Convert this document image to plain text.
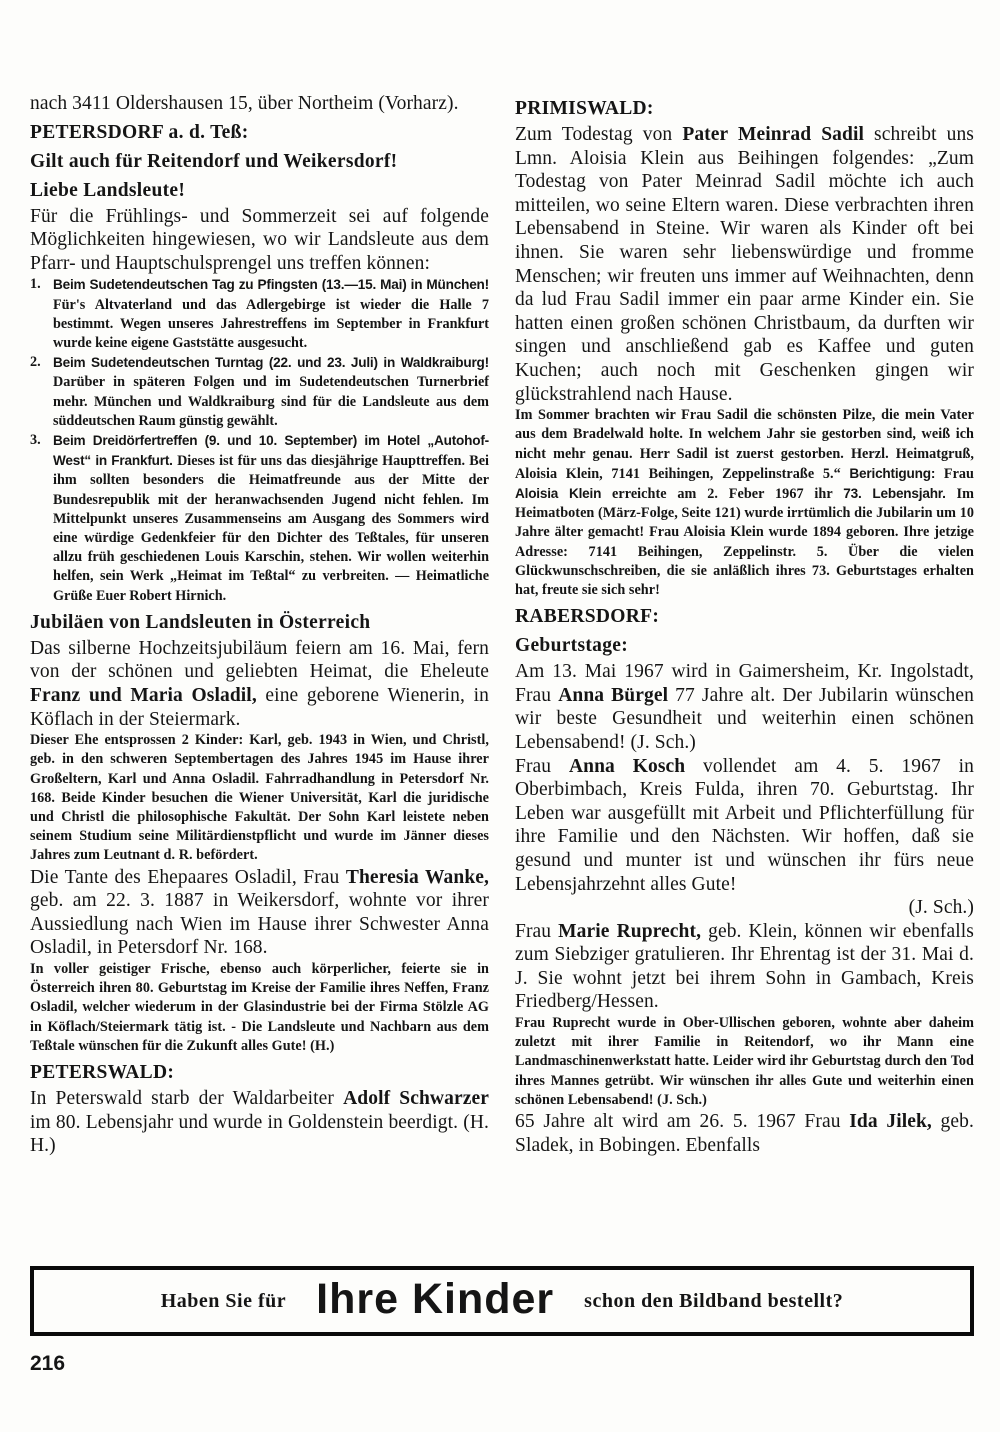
nach 3411 Oldershausen 15, über Northeim (Vorharz).

PETERSDORF a. d. Teß:

Gilt auch für Reitendorf und Weikersdorf!

Liebe Landsleute!

Für die Frühlings- und Sommerzeit sei auf folgende Möglichkeiten hingewiesen, wo wir Landsleute aus dem Pfarr- und Hauptschulsprengel uns treffen können:

1. Beim Sudetendeutschen Tag zu Pfingsten (13.—15. Mai) in München! Für's Altvaterland und das Adlergebirge ist wieder die Halle 7 bestimmt. Wegen unseres Jahrestreffens im September in Frankfurt wurde keine eigene Gaststätte ausgesucht.

2. Beim Sudetendeutschen Turntag (22. und 23. Juli) in Waldkraiburg! Darüber in späteren Folgen und im Sudetendeutschen Turnerbrief mehr. München und Waldkraiburg sind für die Landsleute aus dem süddeutschen Raum günstig gewählt.

3. Beim Dreidörfertreffen (9. und 10. September) im Hotel „Autohof-West“ in Frankfurt. Dieses ist für uns das diesjährige Haupttreffen. Bei ihm sollten besonders die Heimatfreunde aus der Mitte der Bundesrepublik mit der heranwachsenden Jugend nicht fehlen. Im Mittelpunkt unseres Zusammenseins am Ausgang des Sommers wird eine würdige Gedenkfeier für den Dichter des Teßtales, für unseren allzu früh geschiedenen Louis Karschin, stehen. Wir wollen weiterhin helfen, sein Werk „Heimat im Teßtal“ zu verbreiten. — Heimatliche Grüße Euer Robert Hirnich.

Jubiläen von Landsleuten in Österreich

Das silberne Hochzeitsjubiläum feiern am 16. Mai, fern von der schönen und geliebten Heimat, die Eheleute Franz und Maria Osladil, eine geborene Wienerin, in Köflach in der Steiermark.

Dieser Ehe entsprossen 2 Kinder: Karl, geb. 1943 in Wien, und Christl, geb. in den schweren Septembertagen des Jahres 1945 im Hause ihrer Großeltern, Karl und Anna Osladil. Fahrradhandlung in Petersdorf Nr. 168. Beide Kinder besuchen die Wiener Universität, Karl die juridische und Christl die philosophische Fakultät. Der Sohn Karl leistete neben seinem Studium seine Militärdienstpflicht und wurde im Jänner dieses Jahres zum Leutnant d. R. befördert.

Die Tante des Ehepaares Osladil, Frau Theresia Wanke, geb. am 22. 3. 1887 in Weikersdorf, wohnte vor ihrer Aussiedlung nach Wien im Hause ihrer Schwester Anna Osladil, in Petersdorf Nr. 168.

In voller geistiger Frische, ebenso auch körperlicher, feierte sie in Österreich ihren 80. Geburtstag im Kreise der Familie ihres Neffen, Franz Osladil, welcher wiederum in der Glasindustrie bei der Firma Stölzle AG in Köflach/Steiermark tätig ist. - Die Landsleute und Nachbarn aus dem Teßtale wünschen für die Zukunft alles Gute! (H.)

PETERSWALD:

In Peterswald starb der Waldarbeiter Adolf Schwarzer im 80. Lebensjahr und wurde in Goldenstein beerdigt. (H. H.)

PRIMISWALD:

Zum Todestag von Pater Meinrad Sadil schreibt uns Lmn. Aloisia Klein aus Beihingen folgendes: „Zum Todestag von Pater Meinrad Sadil möchte ich auch mitteilen, wo seine Eltern waren. Diese verbrachten ihren Lebensabend in Steine. Wir waren als Kinder oft bei ihnen. Sie waren sehr liebenswürdige und fromme Menschen; wir freuten uns immer auf Weihnachten, denn da lud Frau Sadil immer ein paar arme Kinder ein. Sie hatten einen großen schönen Christbaum, da durften wir singen und anschließend gab es Kaffee und guten Kuchen; auch noch mit Geschenken gingen wir glückstrahlend nach Hause.

Im Sommer brachten wir Frau Sadil die schönsten Pilze, die mein Vater aus dem Bradelwald holte. In welchem Jahr sie gestorben sind, weiß ich nicht mehr genau. Herr Sadil ist zuerst gestorben. Herzl. Heimatgruß, Aloisia Klein, 7141 Beihingen, Zeppelinstraße 5.“ Berichtigung: Frau Aloisia Klein erreichte am 2. Feber 1967 ihr 73. Lebensjahr. Im Heimatboten (März-Folge, Seite 121) wurde irrtümlich die Jubilarin um 10 Jahre älter gemacht! Frau Aloisia Klein wurde 1894 geboren. Ihre jetzige Adresse: 7141 Beihingen, Zeppelinstr. 5. Über die vielen Glückwunschschreiben, die sie anläßlich ihres 73. Geburtstages erhalten hat, freute sie sich sehr!

RABERSDORF:

Geburtstage:

Am 13. Mai 1967 wird in Gaimersheim, Kr. Ingolstadt, Frau Anna Bürgel 77 Jahre alt. Der Jubilarin wünschen wir beste Gesundheit und weiterhin einen schönen Lebensabend! (J. Sch.)

Frau Anna Kosch vollendet am 4. 5. 1967 in Oberbimbach, Kreis Fulda, ihren 70. Geburtstag. Ihr Leben war ausgefüllt mit Arbeit und Pflichterfüllung für ihre Familie und den Nächsten. Wir hoffen, daß sie gesund und munter ist und wünschen ihr fürs neue Lebensjahrzehnt alles Gute!

(J. Sch.)

Frau Marie Ruprecht, geb. Klein, können wir ebenfalls zum Siebziger gratulieren. Ihr Ehrentag ist der 31. Mai d. J. Sie wohnt jetzt bei ihrem Sohn in Gambach, Kreis Friedberg/Hessen.

Frau Ruprecht wurde in Ober-Ullischen geboren, wohnte aber daheim zuletzt mit ihrer Familie in Reitendorf, wo ihr Mann eine Landmaschinenwerkstatt hatte. Leider wird ihr Geburtstag durch den Tod ihres Mannes getrübt. Wir wünschen ihr alles Gute und weiterhin einen schönen Lebensabend! (J. Sch.)

65 Jahre alt wird am 26. 5. 1967 Frau Ida Jilek, geb. Sladek, in Bobingen. Ebenfalls

Haben Sie für Ihre Kinder schon den Bildband bestellt?
216
